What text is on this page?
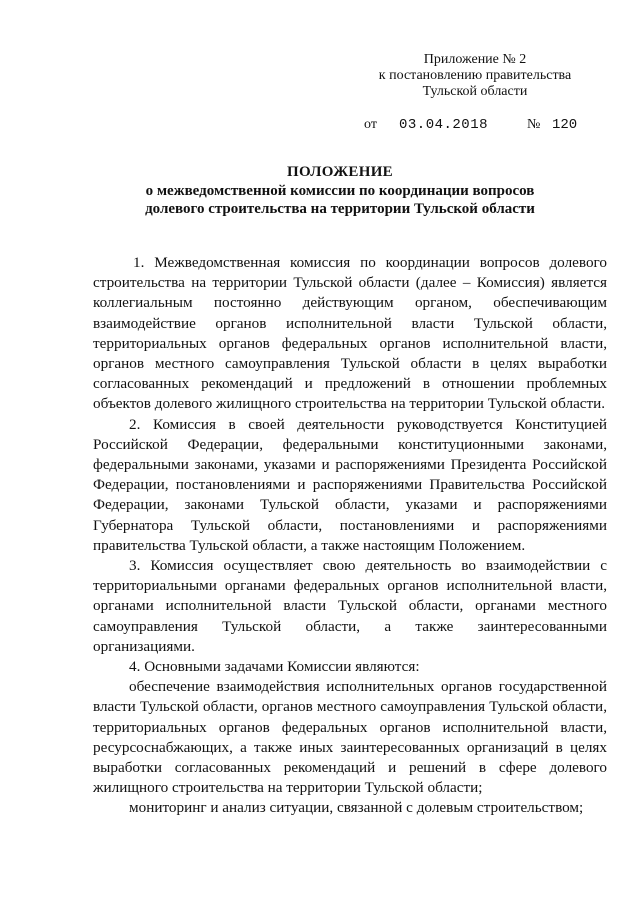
Приложение № 2
к постановлению правительства
Тульской области
от 03.04.2018	№ 120
ПОЛОЖЕНИЕ
о межведомственной комиссии по координации вопросов
долевого строительства на территории Тульской области

1. Межведомственная комиссия по координации вопросов долевого строительства на территории Тульской области (далее – Комиссия) является коллегиальным постоянно действующим органом, обеспечивающим взаимодействие органов исполнительной власти Тульской области, территориальных органов федеральных органов исполнительной власти, органов местного самоуправления Тульской области в целях выработки согласованных рекомендаций и предложений в отношении проблемных объектов долевого жилищного строительства на территории Тульской области.

2. Комиссия в своей деятельности руководствуется Конституцией Российской Федерации, федеральными конституционными законами, федеральными законами, указами и распоряжениями Президента Российской Федерации, постановлениями и распоряжениями Правительства Российской Федерации, законами Тульской области, указами и распоряжениями Губернатора Тульской области, постановлениями и распоряжениями правительства Тульской области, а также настоящим Положением.

3. Комиссия осуществляет свою деятельность во взаимодействии с территориальными органами федеральных органов исполнительной власти, органами исполнительной власти Тульской области, органами местного самоуправления Тульской области, а также заинтересованными организациями.

4. Основными задачами Комиссии являются:

обеспечение взаимодействия исполнительных органов государственной власти Тульской области, органов местного самоуправления Тульской области, территориальных органов федеральных органов исполнительной власти, ресурсоснабжающих, а также иных заинтересованных организаций в целях выработки согласованных рекомендаций и решений в сфере долевого жилищного строительства на территории Тульской области;

мониторинг и анализ ситуации, связанной с долевым строительством;
